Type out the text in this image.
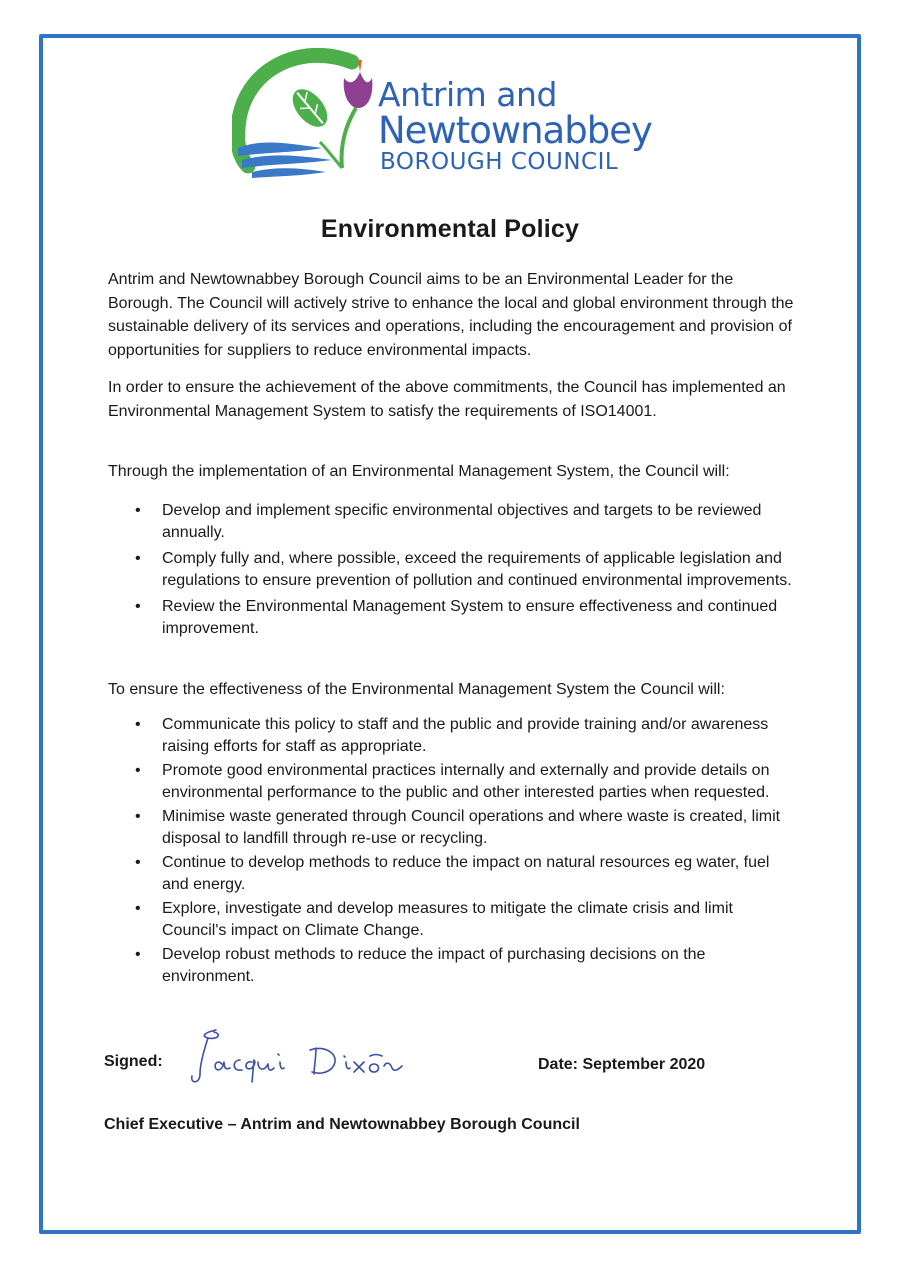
Antrim and
Newtownabbey
BOROUGH COUNCIL
Environmental Policy

Antrim and Newtownabbey Borough Council aims to be an Environmental Leader for the Borough. The Council will actively strive to enhance the local and global environment through the sustainable delivery of its services and operations, including the encouragement and provision of opportunities for suppliers to reduce environmental impacts.

In order to ensure the achievement of the above commitments, the Council has implemented an Environmental Management System to satisfy the requirements of ISO14001.

Through the implementation of an Environmental Management System, the Council will:

• Develop and implement specific environmental objectives and targets to be reviewed annually.
• Comply fully and, where possible, exceed the requirements of applicable legislation and regulations to ensure prevention of pollution and continued environmental improvements.
• Review the Environmental Management System to ensure effectiveness and continued improvement.

To ensure the effectiveness of the Environmental Management System the Council will:

• Communicate this policy to staff and the public and provide training and/or awareness raising efforts for staff as appropriate.
• Promote good environmental practices internally and externally and provide details on environmental performance to the public and other interested parties when requested.
• Minimise waste generated through Council operations and where waste is created, limit disposal to landfill through re-use or recycling.
• Continue to develop methods to reduce the impact on natural resources eg water, fuel and energy.
• Explore, investigate and develop measures to mitigate the climate crisis and limit Council's impact on Climate Change.
• Develop robust methods to reduce the impact of purchasing decisions on the environment.
Signed:	Date: September 2020
Chief Executive – Antrim and Newtownabbey Borough Council
